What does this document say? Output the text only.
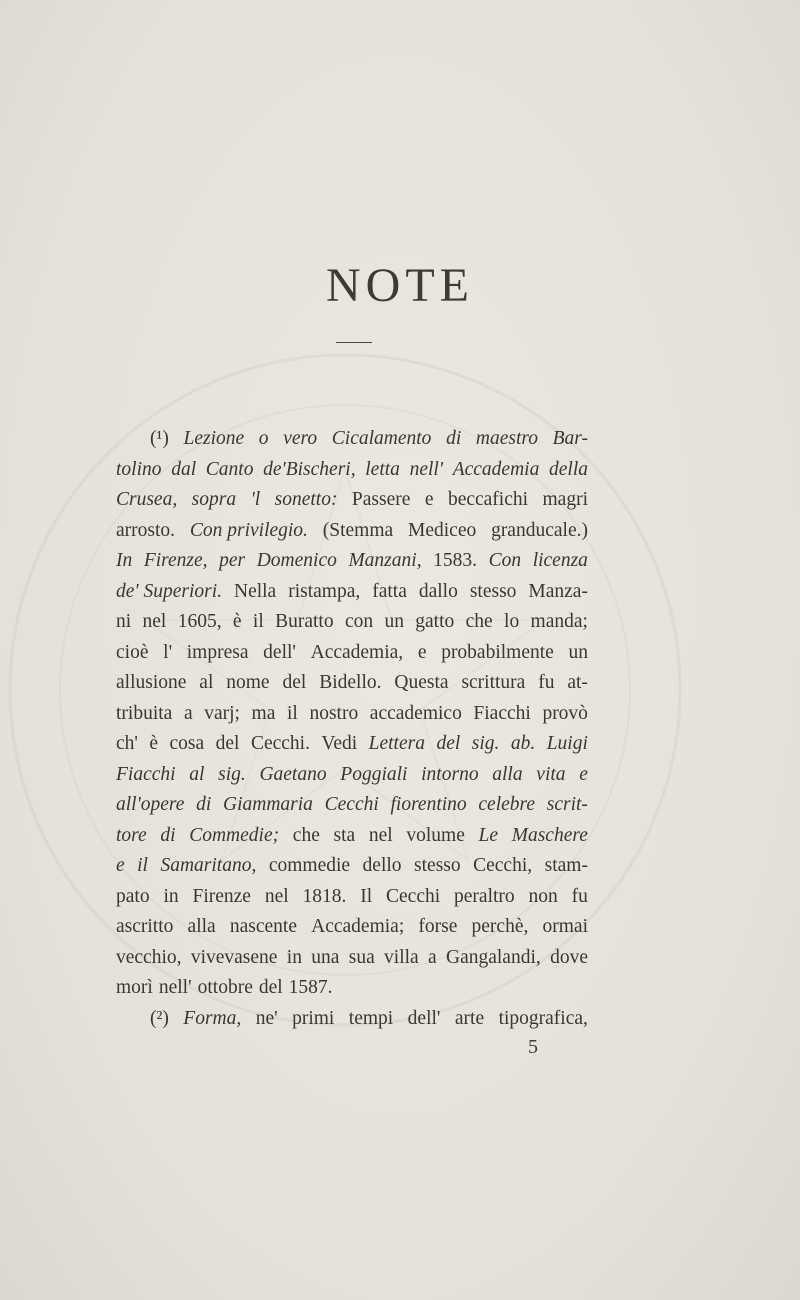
NOTE
(¹) Lezione o vero Cicalamento di maestro Bar-
tolino dal Canto de'Bischeri, letta nell' Accademia della
Crusea, sopra 'l sonetto: Passere e beccafichi magri
arrosto. Con privilegio. (Stemma Mediceo granducale.)
In Firenze, per Domenico Manzani, 1583. Con licenza
de' Superiori. Nella ristampa, fatta dallo stesso Manza-
ni nel 1605, è il Buratto con un gatto che lo manda;
cioè l' impresa dell' Accademia, e probabilmente un
allusione al nome del Bidello. Questa scrittura fu at-
tribuita a varj; ma il nostro accademico Fiacchi provò
ch' è cosa del Cecchi. Vedi Lettera del sig. ab. Luigi
Fiacchi al sig. Gaetano Poggiali intorno alla vita e
all'opere di Giammaria Cecchi fiorentino celebre scrit-
tore di Commedie; che sta nel volume Le Maschere
e il Samaritano, commedie dello stesso Cecchi, stam-
pato in Firenze nel 1818. Il Cecchi peraltro non fu
ascritto alla nascente Accademia; forse perchè, ormai
vecchio, vivevasene in una sua villa a Gangalandi, dove
morì nell' ottobre del 1587.
(²) Forma, ne' primi tempi dell' arte tipografica,
5
